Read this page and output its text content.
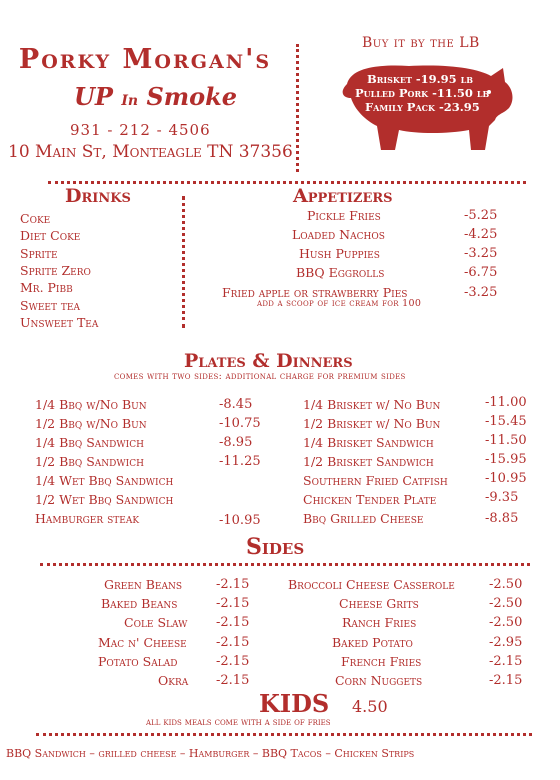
Porky Morgan's
UP In Smoke
931 - 212 - 4506
10 Main St, Monteagle TN 37356
Buy it by the LB
Brisket -19.95 lb
Pulled Pork -11.50 lb
Family Pack -23.95
Drinks
Coke
Diet Coke
Sprite
Sprite Zero
Mr. Pibb
Sweet tea
Unsweet Tea
Appetizers
Pickle Fries	-5.25
Loaded Nachos	-4.25
Hush Puppies	-3.25
BBQ Eggrolls	-6.75
Fried apple or strawberry Pies	-3.25
add a scoop of ice cream for 100
Plates & Dinners
comes with two sides: additional charge for premium sides
1/4 Bbq w/No Bun	-8.45
1/2 Bbq w/No Bun	-10.75
1/4 Bbq Sandwich	-8.95
1/2 Bbq Sandwich	-11.25
1/4 Wet Bbq Sandwich
1/2 Wet Bbq Sandwich
Hamburger steak	-10.95
1/4 Brisket w/ No Bun	-11.00
1/2 Brisket w/ No Bun	-15.45
1/4 Brisket Sandwich	-11.50
1/2 Brisket Sandwich	-15.95
Southern Fried Catfish	-10.95
Chicken Tender Plate	-9.35
Bbq Grilled Cheese	-8.85
Sides
Green Beans	-2.15
Baked Beans	-2.15
Cole Slaw -2.15
Mac n' Cheese -2.15
Potato Salad	-2.15
Okra -2.15
Broccoli Cheese Casserole	-2.50
Cheese Grits	-2.50
Ranch Fries	-2.50
Baked Potato	-2.95
French Fries	-2.15
Corn Nuggets	-2.15
KIDS 4.50
all kids meals come with a side of fries
BBQ Sandwich – grilled cheese – Hamburger – BBQ Tacos – Chicken Strips
